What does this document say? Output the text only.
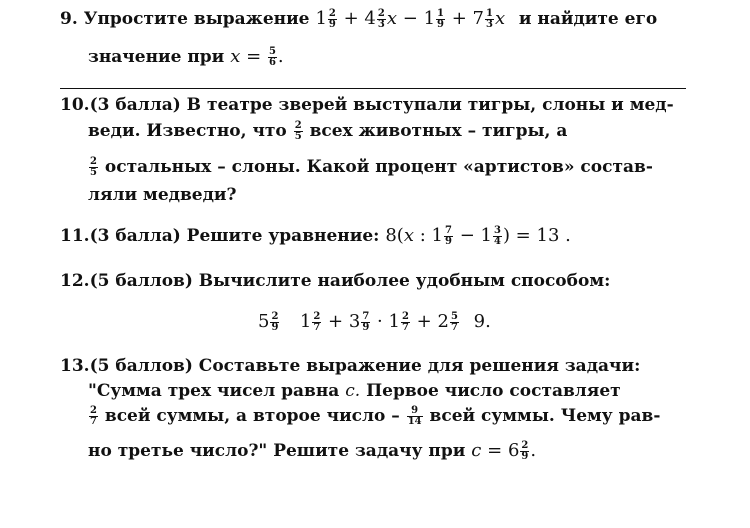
9. Упростите выражение $1 \frac{2}{9} + 4 \frac{2}{3}$ $x - 1 \frac{1}{9} + 7 \frac{1}{3}$ x и найдите его
значение при $x = \frac{5}{6}$ .
10.(3 балла) В театре зверей выступали тигры, слоны и мед-
веди. Известно, что $\frac{2}{5}$ всех животных – тигры, а
$\frac{2}{5}$ остальных – слоны. Какой процент «артистов» состав-
ляли медведи?
11.(3 балла) Решите уравнение: 8(x : $1 \frac{7}{9} - 1 \frac{3}{4}$ ) = 13 .
12.(5 баллов) Вычислите наиболее удобным способом:
$5 \frac{2}{9} 1 \frac{2}{7} + 3 \frac{7}{9} \cdot 1 \frac{2}{7} + 2 \frac{5}{7} 9$.
13.(5 баллов) Составьте выражение для решения задачи:
"Сумма трех чисел равна c. Первое число составляет
$\frac{2}{7}$ всей суммы, а второе число – $\frac{9}{14}$ всей суммы. Чему рав-
но третье число?" Решите задачу при $c = 6 \frac{2}{9}$ .
